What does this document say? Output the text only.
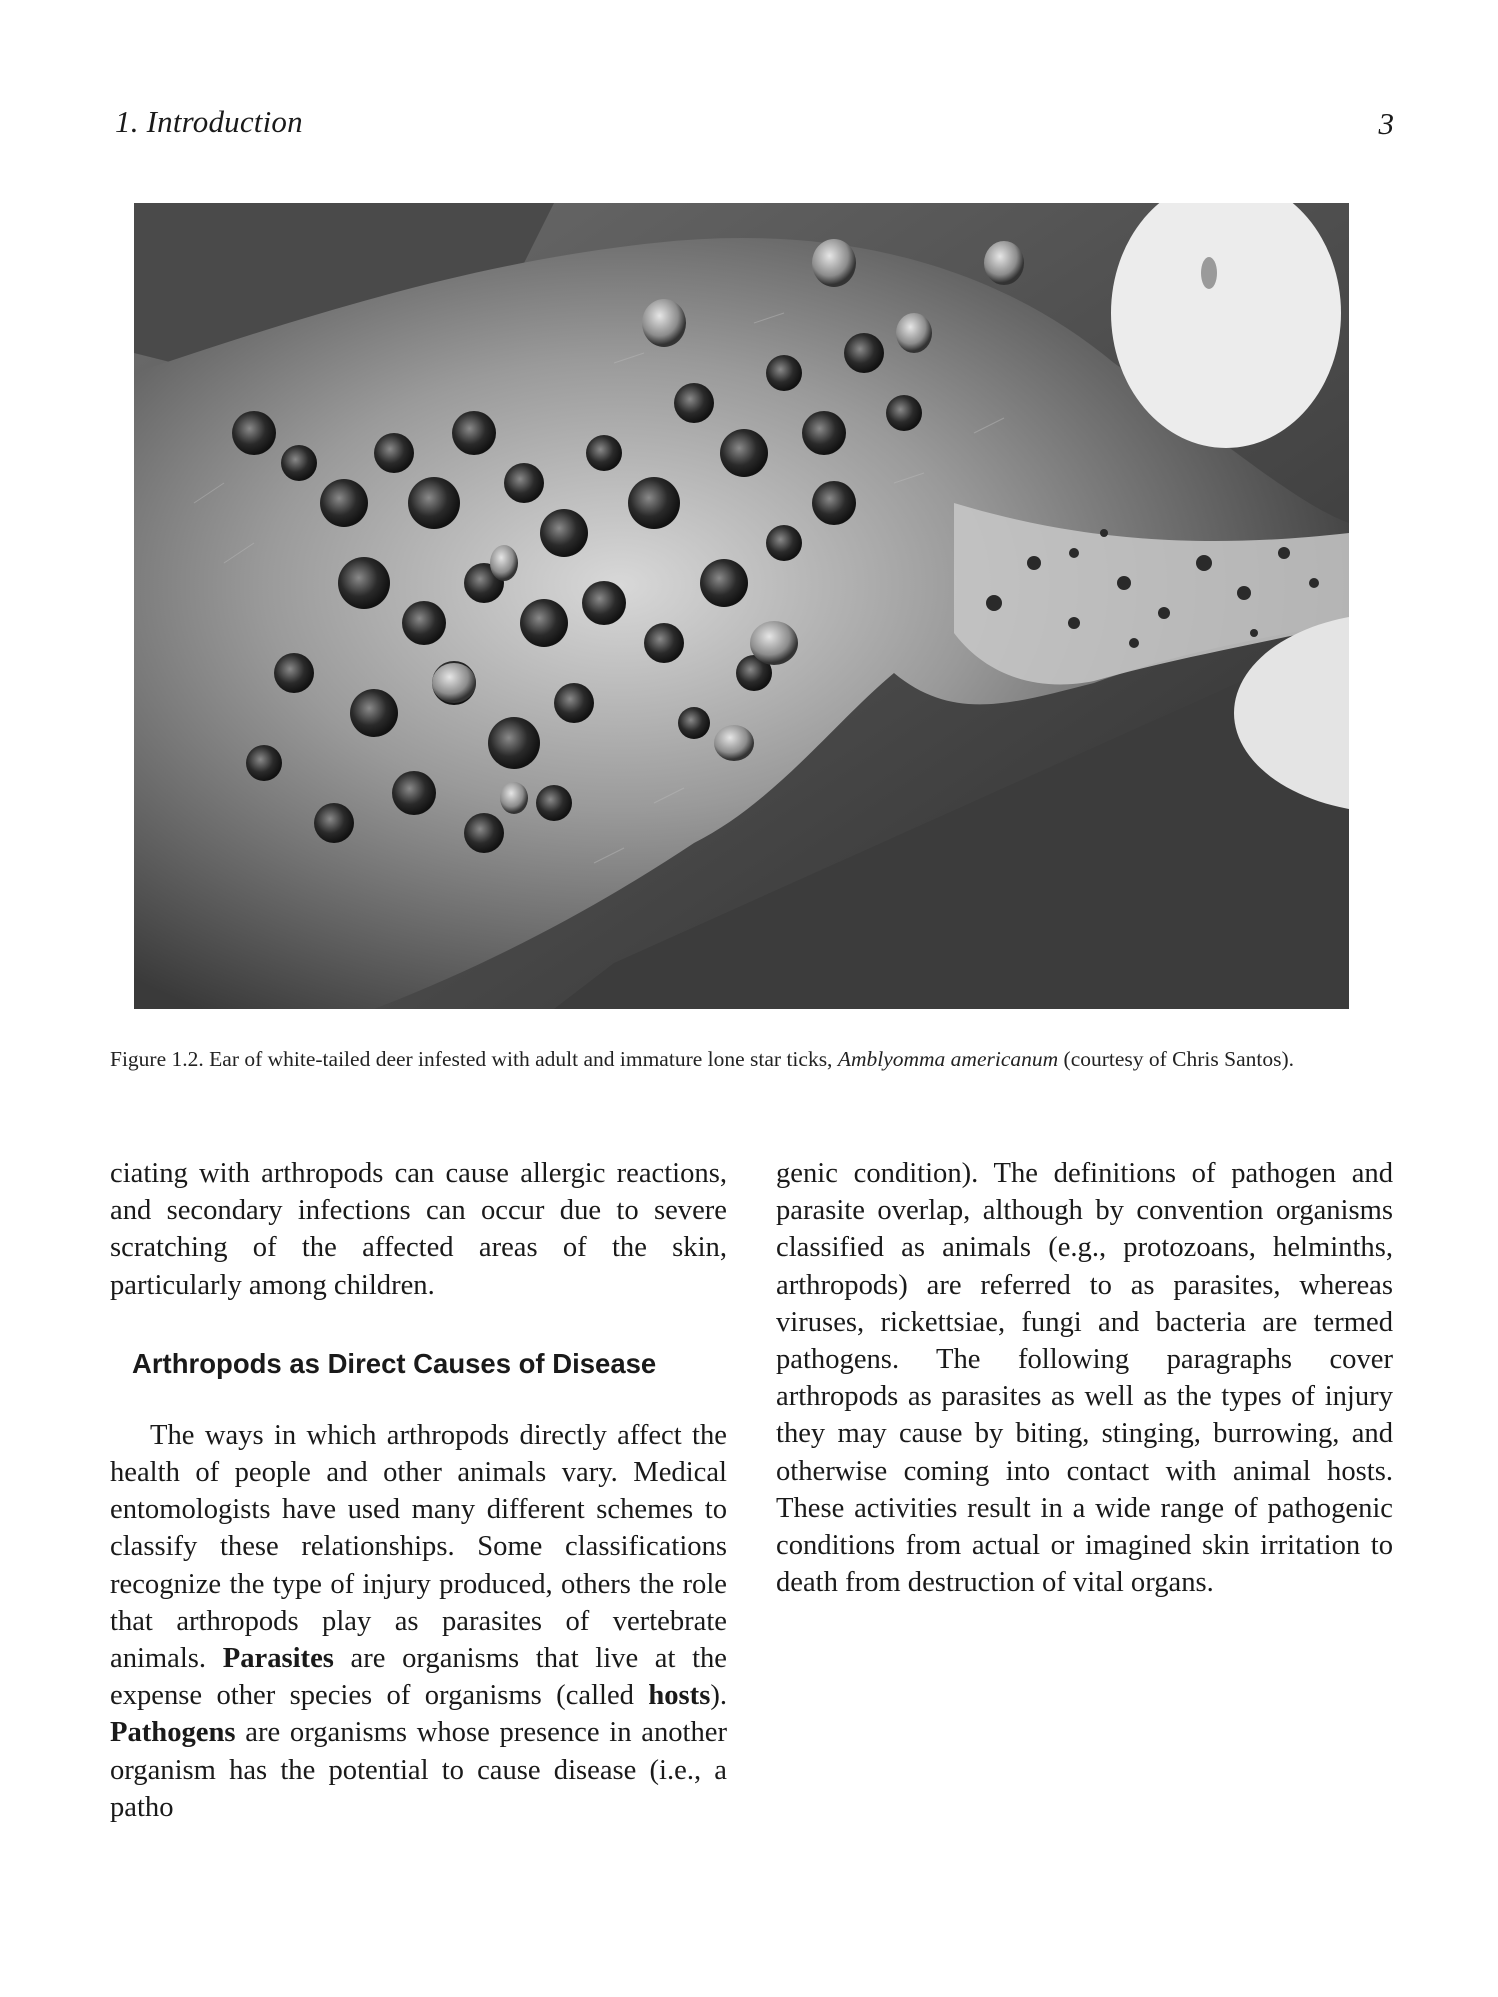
1. Introduction	3
Figure 1.2. Ear of white-tailed deer infested with adult and immature lone star ticks, Amblyomma americanum (courtesy of Chris Santos).

ciating with arthropods can cause allergic reactions, and secondary infections can occur due to severe scratching of the affected areas of the skin, particularly among children.

Arthropods as Direct Causes of Disease

The ways in which arthropods directly affect the health of people and other animals vary. Medical entomologists have used many different schemes to classify these relationships. Some classifications recognize the type of injury produced, others the role that arthropods play as parasites of vertebrate animals. Parasites are organisms that live at the expense other species of organisms (called hosts). Pathogens are organisms whose presence in another organism has the potential to cause disease (i.e., a patho

genic condition). The definitions of pathogen and parasite overlap, although by convention organisms classified as animals (e.g., protozoans, helminths, arthropods) are referred to as parasites, whereas viruses, rickettsiae, fungi and bacteria are termed pathogens. The following paragraphs cover arthropods as parasites as well as the types of injury they may cause by biting, stinging, burrowing, and otherwise coming into contact with animal hosts. These activities result in a wide range of pathogenic conditions from actual or imagined skin irritation to death from destruction of vital organs.
